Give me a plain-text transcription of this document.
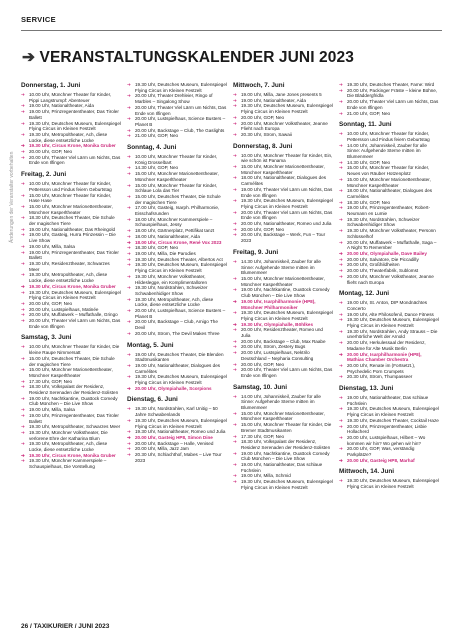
Änderungen der Veranstalter vorbehalten
SERVICE
➔ VERANSTALTUNGSKALENDER JUNI 2023
Donnerstag, 1. Juni
➔ 10.00 Uhr, Münchner Theater für Kinder, Pippi Langstrumpf: Abenteuer
➔ 19.00 Uhr, Nationaltheater, Aida
➔ 19.00 Uhr, Prinzregententheater, Das Tiroler Ballett
➔ 19.30 Uhr, Deutsches Museum, Eulenspiegel Flying Circus im Kleinen Festzelt
➔ 19.30 Uhr, Metropoltheater, Ach, diese Lücke, diese entsetzliche Lücke
➔ 19.30 Uhr, Circus Krone, Monika Gruber
➔ 20.00 Uhr, GOP, Neo
➔ 20.00 Uhr, Theater Viel Lärm um Nichts, Das Ende von Ilfingen
Freitag, 2. Juni
➔ 10.00 Uhr, Münchner Theater für Kinder, Pettersson und Findus feiern Geburtstag
➔ 15.00 Uhr, Münchner Theater für Kinder, Hase Hase
➔ 15.00 Uhr, Münchner Marionettentheater, Münchner Kasperltheater
➔ 18.30 Uhr, Deutsches Theater, Die Schule der magischen Tiere
➔ 19.00 Uhr, Nationaltheater, Das Rheingold
➔ 19.00 Uhr, Gasteig, Hurra Prinzessin – Die Live Show
➔ 19.00 Uhr, Milla, Salsa
➔ 19.00 Uhr, Prinzregententheater, Das Tiroler Ballett
➔ 19.30 Uhr, Residenztheater, Schwarzes Meer
➔ 19.30 Uhr, Metropoltheater, Ach, diese Lücke, diese entsetzliche Lücke
➔ 19.30 Uhr, Circus Krone, Monika Gruber
➔ 19.30 Uhr, Deutsches Museum, Eulenspiegel Flying Circus im Kleinen Festzelt
➔ 20.00 Uhr, GOP, Neo
➔ 20.00 Uhr, Lustspielhaus, Matinée
➔ 20.00 Uhr, Muffatwerk – Muffathalle, Gringo
➔ 20.00 Uhr, Theater Viel Lärm um Nichts, Das Ende von Ilfingen
Samstag, 3. Juni
➔ 10.00 Uhr, Münchner Theater für Kinder, Die kleine Raupe Nimmersatt
➔ 15.00 Uhr, Deutsches Theater, Die Schule der magischen Tiere
➔ 15.00 Uhr, Münchner Marionettentheater, Münchner Kasperltheater
➔ 17.30 Uhr, GOP, Neo
➔ 18.30 Uhr, Volkspalast der Residenz, Residenz Serenaden der Residenz-Solisten
➔ 19.00 Uhr, Nachtkantine, Ouattock Comedy Club München – Die Live Show
➔ 19.00 Uhr, Milla, Salsa
➔ 19.00 Uhr, Prinzregententheater, Das Tiroler Ballett
➔ 19.30 Uhr, Metropoltheater, Schwarzes Meer
➔ 19.30 Uhr, Münchner Volkstheater, Die verlorene Ehre der Katharina Blum
➔ 19.30 Uhr, Metropoltheater, Ach, diese Lücke, diese entsetzliche Lücke
➔ 19.30 Uhr, Circus Krone, Monika Gruber
➔ 19.30 Uhr, Münchner Kammerspiele – Schauspielhaus, Die Vorstellung
➔ 19.30 Uhr, Deutsches Museum, Eulenspiegel Flying Circus im Kleinen Festzelt
➔ 20.00 Uhr, Theater Drehleier, Ringo of Marbles – Singalong Show
➔ 20.00 Uhr, Theater Viel Lärm um Nichts, Das Ende von Ilfingen
➔ 20.00 Uhr, Lustspielhaus, Science Busters – Planet B
➔ 20.00 Uhr, Backstage – Club, The Gaslights
➔ 21.00 Uhr, GOP, Neo
Sonntag, 4. Juni
➔ 10.00 Uhr, Münchner Theater für Kinder, König Drosselbart
➔ 14.30 Uhr, GOP, Neo
➔ 15.00 Uhr, Münchner Marionettentheater, Münchner Kasperltheater
➔ 15.00 Uhr, Münchner Theater für Kinder, Schlaue Lola das Tier
➔ 15.00 Uhr, Deutsches Theater, Die Schule der magischen Tiere
➔ 17.00 Uhr, Gasteig, Isarph. Philharmonie, Eisschafsrunden
➔ 18.00 Uhr, Münchner Kammerspiele – Schauspielhaus, Jessy
➔ 18.00 Uhr, Gärtnerplatz, Pettifikat tanzt
➔ 18.00 Uhr, Nationaltheater, Aida
➔ 18.00 Uhr, Circus Krone, René Vox 2023
➔ 18.30 Uhr, GOP, Neo
➔ 19.00 Uhr, Milla, Die Parodies
➔ 19.30 Uhr, Deutsches Theater, Albertos Act
➔ 19.30 Uhr, Deutsches Museum, Eulenspiegel Flying Circus im Kleinen Festzelt
➔ 19.30 Uhr, Münchner Volkstheater, Hildeslegge, ein Komplimentalloren
➔ 19.30 Uhr, Nordstrahlen, Schweizer Schwabenhidiger Show
➔ 19.30 Uhr, Metropoltheater, Ach, diese Lücke, diese entsetzliche Lücke
➔ 20.00 Uhr, Lustspielhaus, Science Busters – Planet B
➔ 20.00 Uhr, Backstage – Club, Amigo The Devil
➔ 20.00 Uhr, Strom, The Devil Makes Three
Montag, 5. Juni
➔ 19.00 Uhr, Deutsches Theater, Die Blenden Stadtmusikanten
➔ 19.00 Uhr, Nationaltheater, Dialogues des Carmélites
➔ 19.30 Uhr, Deutsches Museum, Eulenspiegel Flying Circus im Kleinen Festzelt
➔ 20.00 Uhr, Olympiahalle, Scorpions
Dienstag, 6. Juni
➔ 19.30 Uhr, Nordstrahlen, Karl Unitig – 50 Jahre Schwabenlands
➔ 19.30 Uhr, Deutsches Museum, Eulenspiegel Flying Circus im Kleinen Festzelt
➔ 19.30 Uhr, Nationaltheater, Romeo und Julia
➔ 20.00 Uhr, Gasteig HP8, Simon Dine
➔ 20.00 Uhr, Backstage – Halle, Venised
➔ 20.00 Uhr, Milla, Jazz Jam
➔ 20.30 Uhr, Schlachthof, Mabes – Live Tour 2023
Mittwoch, 7. Juni
➔ 19.00 Uhr, Milla, Jane Jones presents 5
➔ 19.00 Uhr, Nationaltheater, Aida
➔ 19.30 Uhr, Deutsches Museum, Eulenspiegel Flying Circus im Kleinen Festzelt
➔ 20.00 Uhr, GOP, Neo
➔ 20.00 Uhr, Münchner Volkstheater, Jeanne Flieht nach Europa
➔ 20.30 Uhr, Strom, Sawaii
Donnerstag, 8. Juni
➔ 10.00 Uhr, Münchner Theater für Kinder, Ein, wie schön ist Panama
➔ 15.00 Uhr, Münchner Marionettentheater, Münchner Kasperltheater
➔ 18.00 Uhr, Nationaltheater, Dialogues des Carmélites
➔ 19.00 Uhr, Theater Viel Lärm um Nichts, Das Ende von Ilfingen
➔ 19.30 Uhr, Deutsches Museum, Eulenspiegel Flying Circus im Kleinen Festzelt
➔ 20.00 Uhr, Theater Viel Lärm um Nichts, Das Ende von Ilfingen
➔ 20.00 Uhr, Nationaltheater, Romeo und Julia
➔ 20.00 Uhr, GOP, Neo
➔ 20.00 Uhr, Backstage – Werk, Fun – Tour 2023
Freitag, 9. Juni
➔ 14.30 Uhr, Johanniskeil, Zauber für alle Sinne: Aufgehende Sterne mitten im Blumenmeer
➔ 15.00 Uhr, Münchner Marionettentheater, Münchner Kasperltheater
➔ 19.00 Uhr, Nachtkantine, Ouattock Comedy Club München – Die Live Show
➔ 19.00 Uhr, Isarphilharmonie (HP8), Münchner Philharmoniker
➔ 19.30 Uhr, Deutsches Museum, Eulenspiegel Flying Circus im Kleinen Festzelt
➔ 19.30 Uhr, Olympiahalle, Böhlkes
➔ 20.00 Uhr, Residenztheater, Romeo und Julia
➔ 20.00 Uhr, Backstage – Club, Max Raabe
➔ 20.00 Uhr, Strom, Zestery Bugs
➔ 20.00 Uhr, Lustspielhaus, Nektrilo Deutschland – Nepharia Consulting
➔ 20.00 Uhr, GOP, Neo
➔ 20.00 Uhr, Theater Viel Lärm um Nichts, Das Ende von Ilfingen
Samstag, 10. Juni
➔ 14.00 Uhr, Johanniskeil, Zauber für alle Sinne: Aufgehende Sterne mitten im Blumenmeer
➔ 15.00 Uhr, Münchner Marionettentheater, Münchner Kasperltheater
➔ 15.00 Uhr, Münchner Theater für Kinder, Die Bremer Stadtmusikanten
➔ 17.30 Uhr, GOP, Neo
➔ 18.30 Uhr, Volkspalast der Residenz, Residenz Serenaden der Residenz-Solisten
➔ 19.00 Uhr, Nachtkantine, Ouattock Comedy Club München – Die Live Show
➔ 19.00 Uhr, Nationaltheater, Das schlaue Füchslein
➔ 19.00 Uhr, Milla, Schmid
➔ 19.30 Uhr, Deutsches Museum, Eulenspiegel Flying Circus im Kleinen Festzelt
➔ 19.30 Uhr, Deutsches Theater, Fame: Wird
➔ 20.00 Uhr, Packinger Fräste – kleine Bühne, Die Bläddergfridla
➔ 20.00 Uhr, Theater Viel Lärm um Nichts, Das Ende von Ilfingen
➔ 21.00 Uhr, GOP, Neo
Sonntag, 11. Juni
➔ 10.00 Uhr, Münchner Theater für Kinder, Pettersson und Findus feiern Geburtstag
➔ 14.00 Uhr, Johanniskeil, Zauber für alle Sinne: Aufgehende Sterne mitten im Blumenmeer
➔ 14.30 Uhr, GOP, Neo
➔ 15.00 Uhr, Münchner Theater für Kinder, Neues von Räuber Hotzenplotz
➔ 15.00 Uhr, Münchner Marionettentheater, Münchner Kasperltheater
➔ 18.00 Uhr, Nationaltheater, Dialogues des Carmélites
➔ 18.30 Uhr, GOP, Neo
➔ 19.00 Uhr, Prinzregententheater, Robert-Neumann en Lumie
➔ 19.30 Uhr, Nordstrahlen, Schweizer Schwabenhidiger Show
➔ 19.30 Uhr, Münchner Volkstheater, Personn Schlüsselhof
➔ 20.00 Uhr, Muffatwerk – Muffathalle, Saga – A Night To Remember
➔ 20.00 Uhr, Olympiahalle, Dave Bailey
➔ 20.00 Uhr, Salvatore, Die Piccadilly
➔ 20.00 Uhr, Großhildheiten
➔ 20.00 Uhr, Theaterfabrik, Sublomst
➔ 20.00 Uhr, Münchner Volkstheater, Jeanne flieht nach Europa
Montag, 12. Juni
➔ 19.00 Uhr, St. Anton, DIP Mondnächtes Concerto
➔ 19.00 Uhr, Alte Philosofenil, Dance Fitness
➔ 19.30 Uhr, Deutsches Museum, Eulenspiegel Flying Circus im Kleinen Festzelt
➔ 19.30 Uhr, Nordstrahlen, Andy Strauss – Die unerhörliche Welt der Arnold
➔ 20.00 Uhr, Herkulessaal der Residenz, Madame für Alte Musik Berlin
➔ 20.00 Uhr, Isarphilharmonie (HP8), Mathias Chamber Orchestra
➔ 20.00 Uhr, Renate im (Fortsetzt.), Psychedelic Porn Crumpets
➔ 20.30 Uhr, Strom, Thumpasseer
Dienstag, 13. Juni
➔ 19.00 Uhr, Nationaltheater, Das schlaue Füchslein
➔ 19.30 Uhr, Deutsches Museum, Eulenspiegel Flying Circus im Kleinen Festzelt
➔ 19.30 Uhr, Deutsches Theater, Cocktail Haze
➔ 20.00 Uhr, Prinzregententheater, Lisbie Hollacherd
➔ 20.00 Uhr, Lustspielhaus, Hilbert – Wo kommen wir hin? Wo gehen wir hin?
➔ 20.00 Uhr, GOP, Was, verständig Parkplätze?
➔ 20.00 Uhr, Gasteig HP8, Marhaf
Mittwoch, 14. Juni
➔ 19.30 Uhr, Deutsches Museum, Eulenspiegel Flying Circus im Kleinen Festzelt
26 / TAXIKURIER / JUNI 2023
